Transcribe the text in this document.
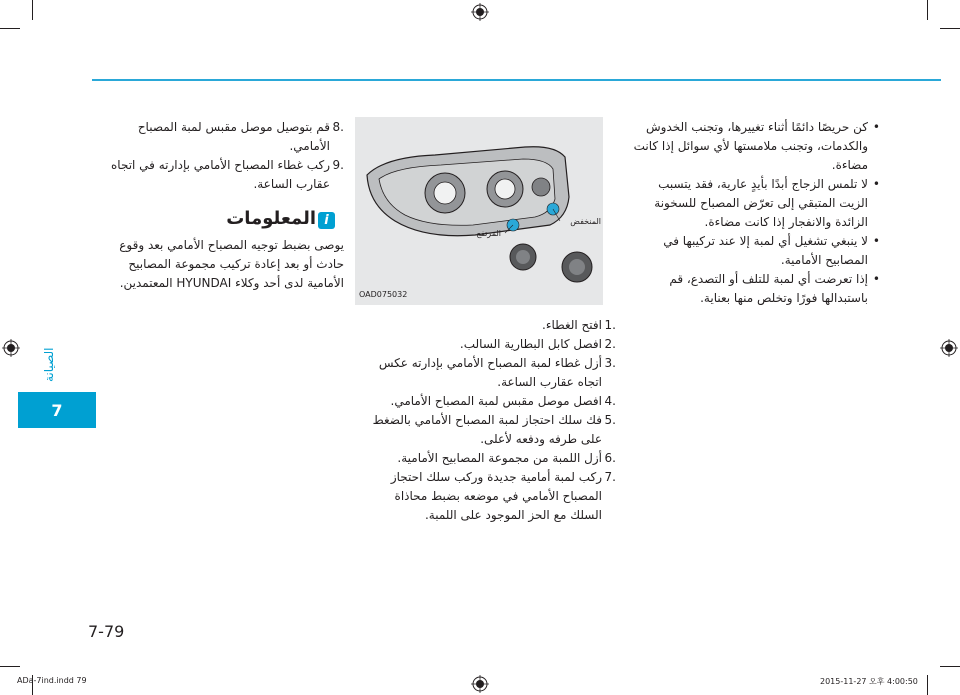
• كن حريصًا دائمًا أثناء تغييرها، وتجنب الخدوش والكدمات، وتجنب ملامستها لأي سوائل إذا كانت مضاءة.
• لا تلمس الزجاج أبدًا بأيدٍ عارية، فقد يتسبب الزيت المتبقي إلى تعرّض المصباح للسخونة الزائدة والانفجار إذا كانت مضاءة.
• لا ينبغي تشغيل أي لمبة إلا عند تركيبها في المصابيح الأمامية.
• إذا تعرضت أي لمبة للتلف أو التصدع، قم باستبدالها فورًا وتخلص منها بعناية.
المنخفض
المرتفع
OAD075032
.8
قم بتوصيل موصل مقبس لمبة المصباح الأمامي.
.9
ركب غطاء المصباح الأمامي بإدارته في اتجاه عقارب الساعة.
المعلومات i
يوصى بضبط توجيه المصباح الأمامي بعد وقوع حادث أو بعد إعادة تركيب مجموعة المصابيح الأمامية لدى أحد وكلاء HYUNDAI المعتمدين.
.1
افتح الغطاء.
.2
افصل كابل البطارية السالب.
.3
أزل غطاء لمبة المصباح الأمامي بإدارته عكس اتجاه عقارب الساعة.
.4
افصل موصل مقبس لمبة المصباح الأمامي.
.5
فك سلك احتجاز لمبة المصباح الأمامي بالضغط على طرفه ودفعه لأعلى.
.6
أزل اللمبة من مجموعة المصابيح الأمامية.
.7
ركب لمبة أمامية جديدة وركب سلك احتجاز المصباح الأمامي في موضعه بضبط محاذاة السلك مع الحز الموجود على اللمبة.
الصيانة
7
7-79
ADa-7ind.indd 79	2015-11-27 오후 4:00:50
